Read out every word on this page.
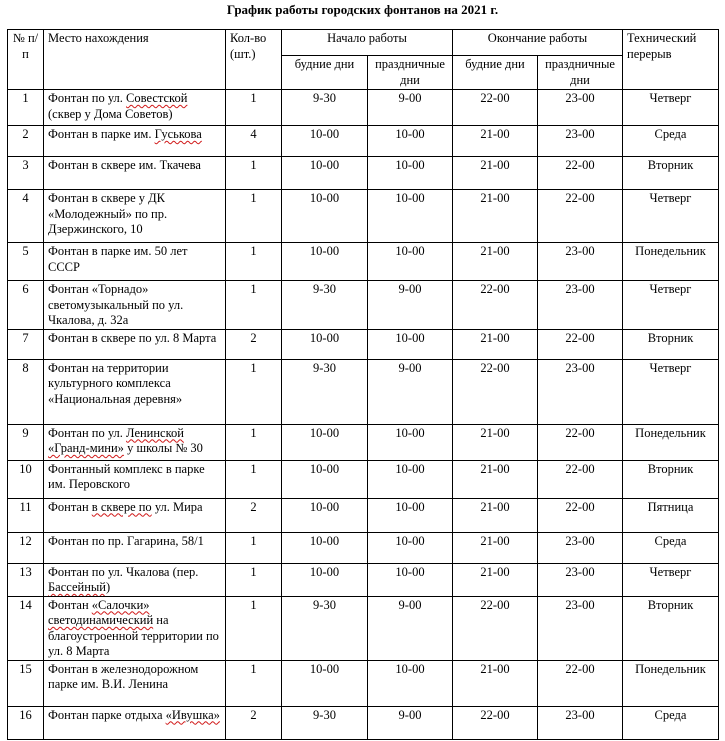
График работы городских фонтанов на 2021 г.
№ п/п	Место нахождения	Кол-во (шт.)	Начало работы		Окончание работы		Технический перерыв
			будние дни	праздничные дни	будние дни	праздничные дни	
1	Фонтан по ул. Совестской (сквер у Дома Советов)	1	9-30	9-00	22-00	23-00	Четверг
2	Фонтан в парке им. Гуськова	4	10-00	10-00	21-00	23-00	Среда
3	Фонтан в сквере им. Ткачева	1	10-00	10-00	21-00	22-00	Вторник
4	Фонтан в сквере у ДК «Молодежный» по пр. Дзержинского, 10	1	10-00	10-00	21-00	22-00	Четверг
5	Фонтан в парке им. 50 лет СССР	1	10-00	10-00	21-00	23-00	Понедельник
6	Фонтан «Торнадо» светомузыкальный по ул. Чкалова, д. 32а	1	9-30	9-00	22-00	23-00	Четверг
7	Фонтан в сквере по ул. 8 Марта	2	10-00	10-00	21-00	22-00	Вторник
8	Фонтан на территории культурного комплекса «Национальная деревня»	1	9-30	9-00	22-00	23-00	Четверг
9	Фонтан по ул. Ленинской «Гранд-мини» у школы № 30	1	10-00	10-00	21-00	22-00	Понедельник
10	Фонтанный комплекс в парке им. Перовского	1	10-00	10-00	21-00	22-00	Вторник
11	Фонтан в сквере по ул. Мира	2	10-00	10-00	21-00	22-00	Пятница
12	Фонтан по пр. Гагарина, 58/1	1	10-00	10-00	21-00	23-00	Среда
13	Фонтан по ул. Чкалова (пер. Бассейный)	1	10-00	10-00	21-00	23-00	Четверг
14	Фонтан «Салочки» светодинамический на благоустроенной территории по ул. 8 Марта	1	9-30	9-00	22-00	23-00	Вторник
15	Фонтан в железнодорожном парке им. В.И. Ленина	1	10-00	10-00	21-00	22-00	Понедельник
16	Фонтан парке отдыха «Ивушка»	2	9-30	9-00	22-00	23-00	Среда
